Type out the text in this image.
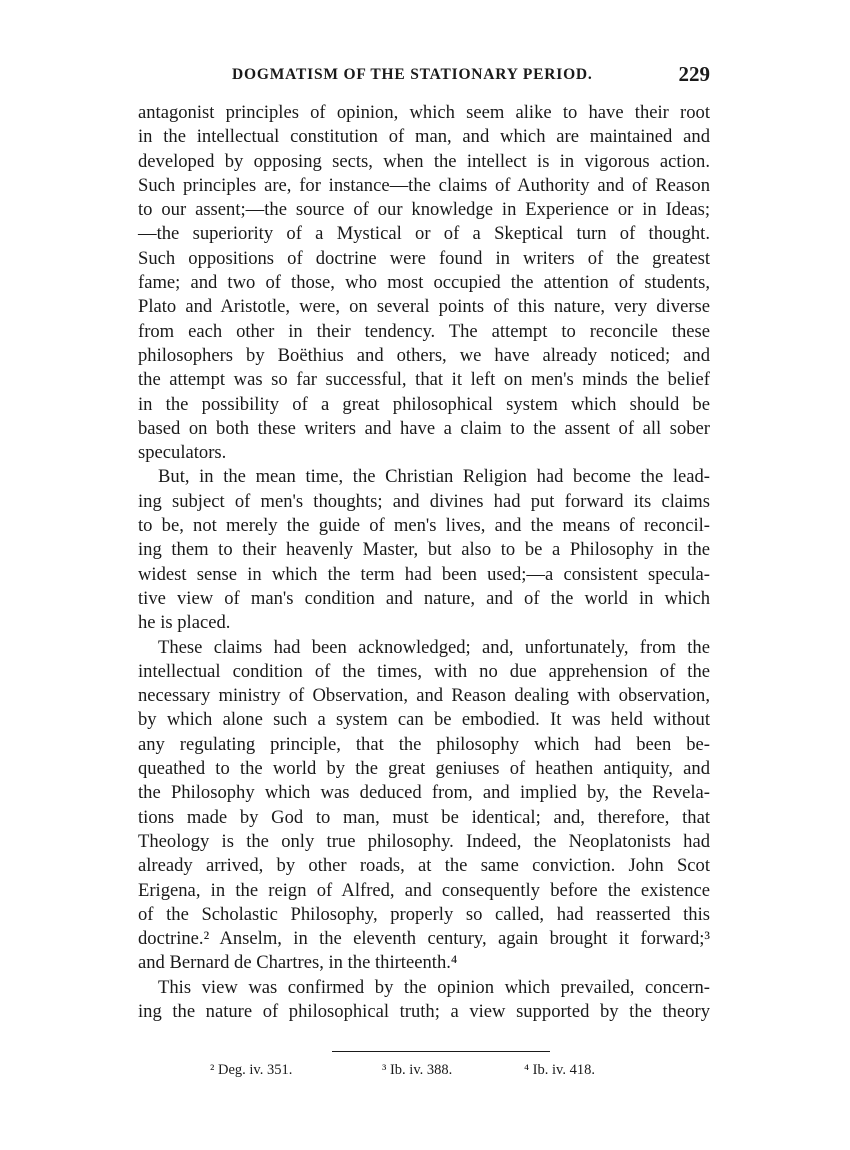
DOGMATISM OF THE STATIONARY PERIOD.	229
antagonist principles of opinion, which seem alike to have their root
in the intellectual constitution of man, and which are maintained and
developed by opposing sects, when the intellect is in vigorous action.
Such principles are, for instance—the claims of Authority and of Reason
to our assent;—the source of our knowledge in Experience or in Ideas;
—the superiority of a Mystical or of a Skeptical turn of thought.
Such oppositions of doctrine were found in writers of the greatest
fame; and two of those, who most occupied the attention of students,
Plato and Aristotle, were, on several points of this nature, very diverse
from each other in their tendency. The attempt to reconcile these
philosophers by Boëthius and others, we have already noticed; and
the attempt was so far successful, that it left on men's minds the belief
in the possibility of a great philosophical system which should be
based on both these writers and have a claim to the assent of all sober
speculators.
But, in the mean time, the Christian Religion had become the lead-
ing subject of men's thoughts; and divines had put forward its claims
to be, not merely the guide of men's lives, and the means of reconcil-
ing them to their heavenly Master, but also to be a Philosophy in the
widest sense in which the term had been used;—a consistent specula-
tive view of man's condition and nature, and of the world in which
he is placed.
These claims had been acknowledged; and, unfortunately, from the
intellectual condition of the times, with no due apprehension of the
necessary ministry of Observation, and Reason dealing with observation,
by which alone such a system can be embodied. It was held without
any regulating principle, that the philosophy which had been be-
queathed to the world by the great geniuses of heathen antiquity, and
the Philosophy which was deduced from, and implied by, the Revela-
tions made by God to man, must be identical; and, therefore, that
Theology is the only true philosophy. Indeed, the Neoplatonists had
already arrived, by other roads, at the same conviction. John Scot
Erigena, in the reign of Alfred, and consequently before the existence
of the Scholastic Philosophy, properly so called, had reasserted this
doctrine.² Anselm, in the eleventh century, again brought it forward;³
and Bernard de Chartres, in the thirteenth.⁴
This view was confirmed by the opinion which prevailed, concern-
ing the nature of philosophical truth; a view supported by the theory
² Deg. iv. 351.	³ Ib. iv. 388.	⁴ Ib. iv. 418.
